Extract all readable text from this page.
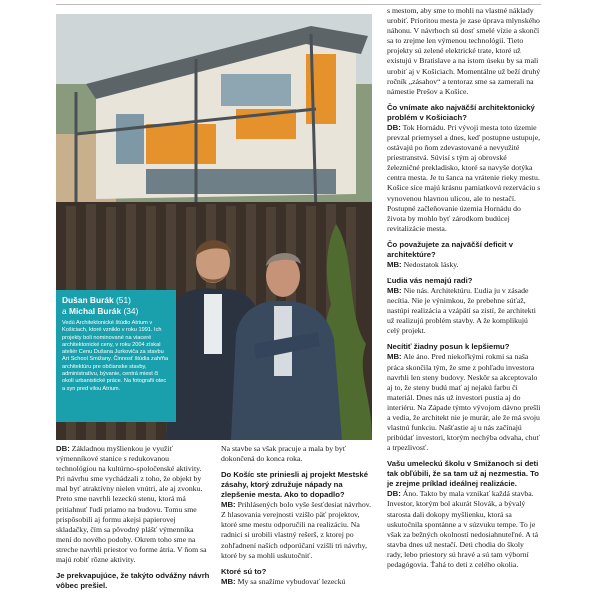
Dušan Burák (51)
a Michal Burák (34)

Vedú Architektonické štúdio Atrium v Košiciach, ktoré vzniklo v roku 1991. Ich projekty boli nominované na viaceré architektonické ceny, v roku 2004 získal ateliér Cenu Dušana Jurkoviča za stavbu Art School Smižany. Činnosť štúdia zahŕňa architektúru pre občianske stavby, administratívu, bývanie, centrá miest či okolí urbanistické práce. Na fotografii otec a syn pred vilou Atrium.

s mestom, aby sme to mohli na vlastné náklady urobiť. Prioritou mesta je zase úprava mlynského náhonu. V návrhoch sú dosť smelé vízie a skončí sa to zrejme len výmenou technológií. Tieto projekty sú zelené elektrické trate, ktoré už existujú v Bratislave a na istom úseku by sa mali urobiť aj v Košiciach. Momentálne už beží druhý ročník „zásahov“ a tentoraz sme sa zamerali na námestie Prešov a Košice.

Čo vnímate ako najväčší architektonický problém v Košiciach?

DB: Tok Hornádu. Pri vývoji mesta toto územie prevzal priemysel a dnes, keď postupne ustupuje, ostávajú po ňom zdevastované a nevyužité priestranstvá. Súvisí s tým aj obrovské železničné prekladisko, ktoré sa navyše dotýka centra mesta. Je tu šanca na vrátenie rieky mestu. Košice síce majú krásnu pamiatkovú rezerváciu s vynovenou hlavnou ulicou, ale to nestačí. Postupné začleňovanie územia Hornádu do života by mohlo byť zárodkom budúcej revitalizácie mesta.

Čo považujete za najväčší deficit v architektúre?

MB: Nedostatok lásky.

Ľudia vás nemajú radi?

MB: Nie nás. Architektúru. Ľudia ju v zásade necítia. Nie je výnimkou, že prebehne súťaž, nastúpi realizácia a vzápätí sa zistí, že architekti už realizujú problém stavby. A že komplikujú celý projekt.

Necítiť žiadny posun k lepšiemu?

MB: Ale áno. Pred niekoľkými rokmi sa naša práca skončila tým, že sme z pohľadu investora navrhli len steny budovy. Neskôr sa akceptovalo aj to, že steny budú mať aj nejakú farbu či materiál. Dnes nás už investori pustia aj do interiéru. Na Západe týmto vývojom dávno prešli a vedia, že architekt nie je murár, ale že má svoju vlastnú funkciu. Našťastie aj u nás začínajú pribúdať investori, ktorým nechýba odvaha, chuť a trpezlivosť.

Vašu umeleckú školu v Smižanoch si deti tak obľúbili, že sa tam už aj nezmestia. To je zrejme príklad ideálnej realizácie.

DB: Áno. Takto by mala vznikať každá stavba. Investor, ktorým bol akurát Slovák, a bývalý starosta dali dokopy myšlienku, ktorá sa uskutočnila spontánne a v súzvuku tempe. To je však za bežných okolností nedosiahnuteľné. A tá stavba dnes už nestačí. Deti chodia do školy rady, lebo priestory sú hravé a sú tam výborní pedagógovia. Ťahá to deti z celého okolia.

DB: Základnou myšlienkou je využiť výmenníkové stanice s redukovanou technológiou na kultúrno-spoločenské aktivity. Pri návrhu sme vychádzali z toho, že objekt by mal byť atraktívny nielen vnútri, ale aj zvonku. Preto sme navrhli lezeckú stenu, ktorá má pritiahnuť ľudí priamo na budovu. Tomu sme prispôsobili aj formu akejsi papierovej skladačky, čím sa pôvodný plášť výmenníka mení do nového podoby. Okrem toho sme na streche navrhli priestor vo forme átria. V ňom sa majú robiť rôzne aktivity.

Je prekvapujúce, že takýto odvážny návrh vôbec prešiel.

Na stavbe sa však pracuje a mala by byť dokončená do konca roka.

Do Košíc ste priniesli aj projekt Mestské zásahy, ktorý združuje nápady na zlepšenie mesta. Ako to dopadlo?

MB: Prihlásených bolo vyše šesťdesiat návrhov. Z hlasovania verejnosti vzišlo päť projektov, ktoré sme mestu odporučili na realizáciu. Na radnici si urobili vlastný rešerš, z ktorej po zohľadnení našich odporúčaní vzišli tri návrhy, ktoré by sa mohli uskutočniť.

Ktoré sú to?

MB: My sa snažíme vybudovať lezeckú
